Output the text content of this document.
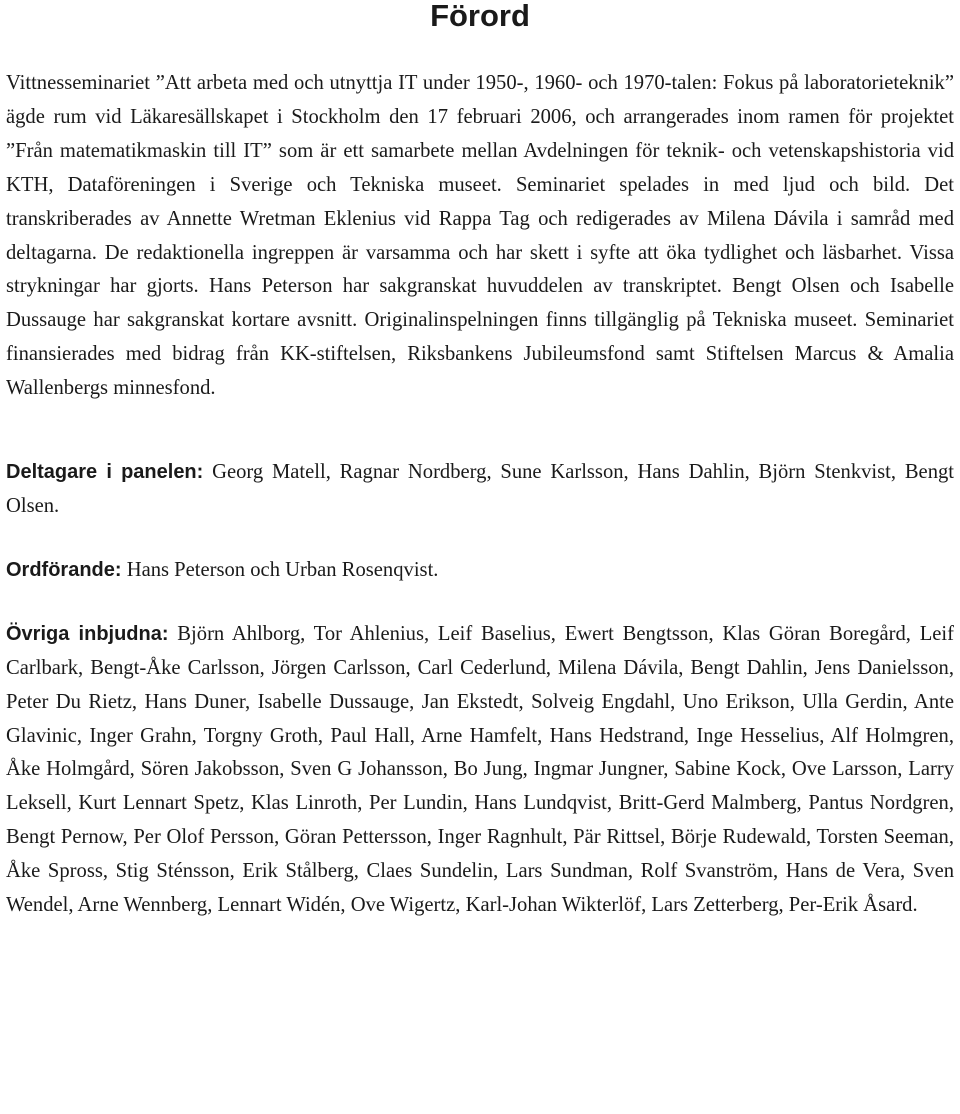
Förord

Vittnesseminariet ”Att arbeta med och utnyttja IT under 1950-, 1960- och 1970-talen: Fokus på laboratorieteknik” ägde rum vid Läkaresällskapet i Stockholm den 17 februari 2006, och arrangerades inom ramen för projektet ”Från matematikmaskin till IT” som är ett samarbete mellan Avdelningen för teknik- och vetenskapshistoria vid KTH, Dataföreningen i Sverige och Tekniska museet. Seminariet spelades in med ljud och bild. Det transkriberades av Annette Wretman Eklenius vid Rappa Tag och redigerades av Milena Dávila i samråd med deltagarna. De redaktionella ingreppen är varsamma och har skett i syfte att öka tydlighet och läsbarhet. Vissa strykningar har gjorts. Hans Peterson har sakgranskat huvuddelen av transkriptet. Bengt Olsen och Isabelle Dussauge har sakgranskat kortare avsnitt. Originalinspelningen finns tillgänglig på Tekniska museet. Seminariet finansierades med bidrag från KK-stiftelsen, Riksbankens Jubileumsfond samt Stiftelsen Marcus & Amalia Wallenbergs minnesfond.

Deltagare i panelen: Georg Matell, Ragnar Nordberg, Sune Karlsson, Hans Dahlin, Björn Stenkvist, Bengt Olsen.

Ordförande: Hans Peterson och Urban Rosenqvist.

Övriga inbjudna: Björn Ahlborg, Tor Ahlenius, Leif Baselius, Ewert Bengtsson, Klas Göran Boregård, Leif Carlbark, Bengt-Åke Carlsson, Jörgen Carlsson, Carl Cederlund, Milena Dávila, Bengt Dahlin, Jens Danielsson, Peter Du Rietz, Hans Duner, Isabelle Dussauge, Jan Ekstedt, Solveig Engdahl, Uno Erikson, Ulla Gerdin, Ante Glavinic, Inger Grahn, Torgny Groth, Paul Hall, Arne Hamfelt, Hans Hedstrand, Inge Hesselius, Alf Holmgren, Åke Holmgård, Sören Jakobsson, Sven G Johansson, Bo Jung, Ingmar Jungner, Sabine Kock, Ove Larsson, Larry Leksell, Kurt Lennart Spetz, Klas Linroth, Per Lundin, Hans Lundqvist, Britt-Gerd Malmberg, Pantus Nordgren, Bengt Pernow, Per Olof Persson, Göran Pettersson, Inger Ragnhult, Pär Rittsel, Börje Rudewald, Torsten Seeman, Åke Spross, Stig Sténsson, Erik Stålberg, Claes Sundelin, Lars Sundman, Rolf Svanström, Hans de Vera, Sven Wendel, Arne Wennberg, Lennart Widén, Ove Wigertz, Karl-Johan Wikterlöf, Lars Zetterberg, Per-Erik Åsard.
